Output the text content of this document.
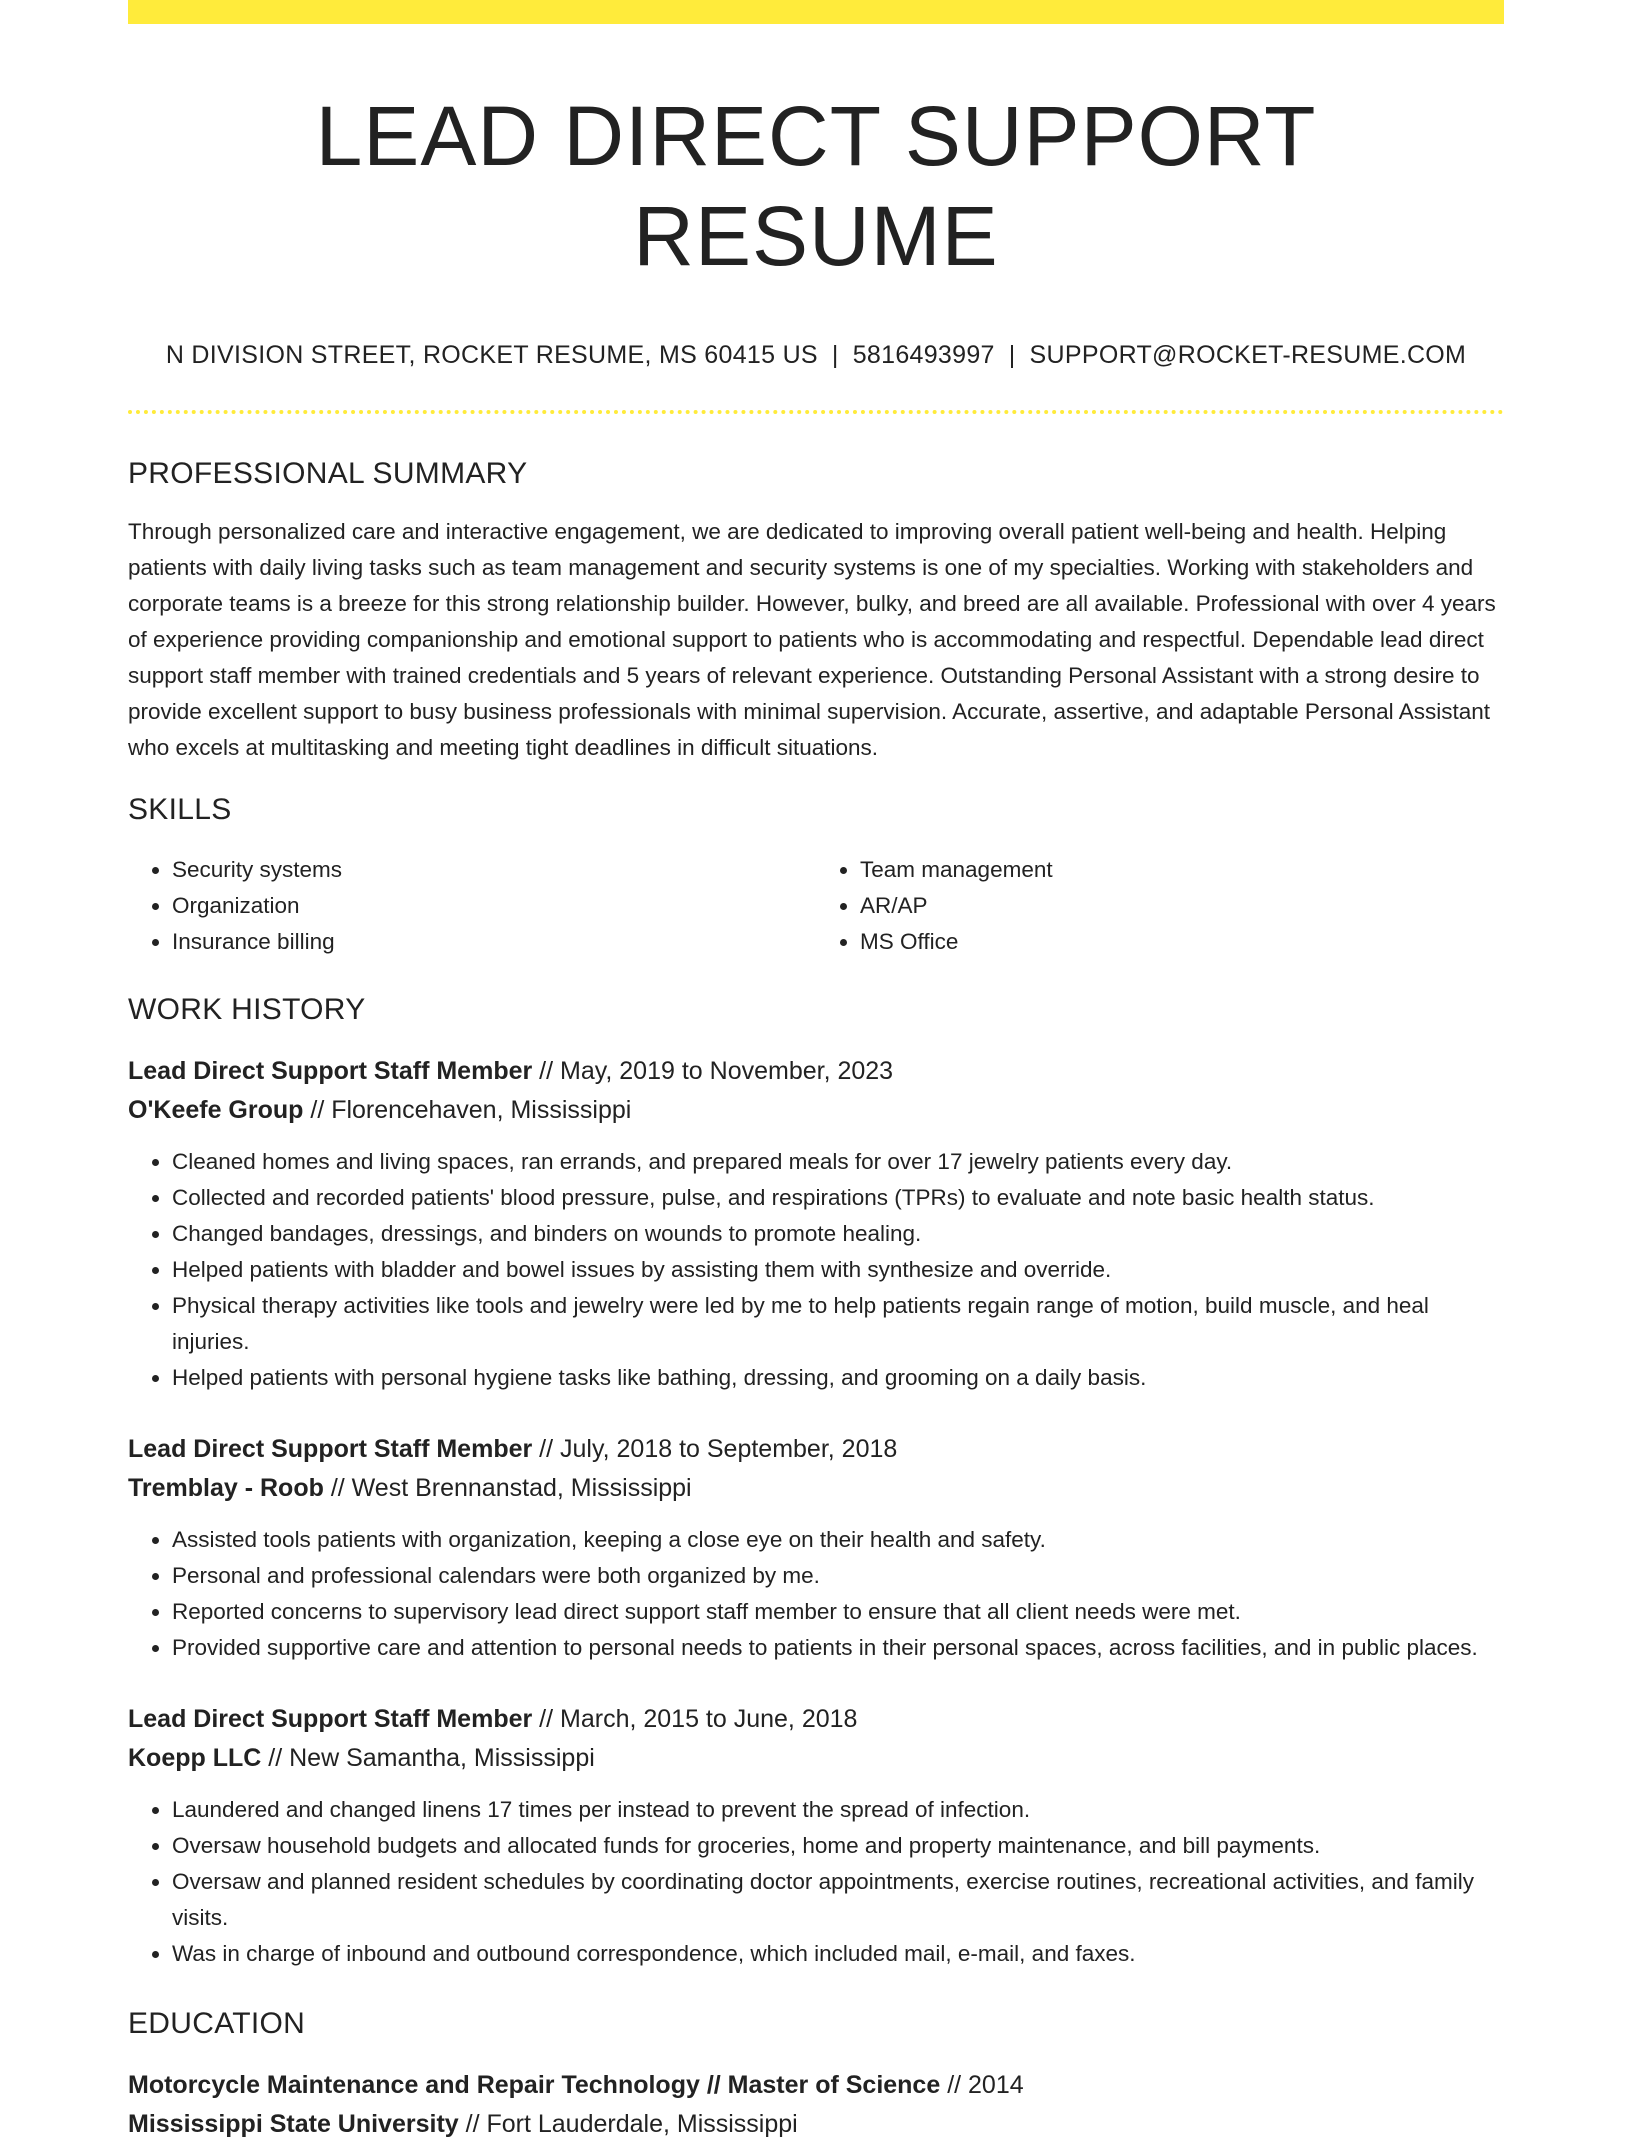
LEAD DIRECT SUPPORT RESUME
N DIVISION STREET, ROCKET RESUME, MS 60415 US | 5816493997 | SUPPORT@ROCKET-RESUME.COM
PROFESSIONAL SUMMARY
Through personalized care and interactive engagement, we are dedicated to improving overall patient well-being and health. Helping patients with daily living tasks such as team management and security systems is one of my specialties. Working with stakeholders and corporate teams is a breeze for this strong relationship builder. However, bulky, and breed are all available. Professional with over 4 years of experience providing companionship and emotional support to patients who is accommodating and respectful. Dependable lead direct support staff member with trained credentials and 5 years of relevant experience. Outstanding Personal Assistant with a strong desire to provide excellent support to busy business professionals with minimal supervision. Accurate, assertive, and adaptable Personal Assistant who excels at multitasking and meeting tight deadlines in difficult situations.
SKILLS
• Security systems
• Organization
• Insurance billing
• Team management
• AR/AP
• MS Office
WORK HISTORY
Lead Direct Support Staff Member // May, 2019 to November, 2023
O'Keefe Group // Florencehaven, Mississippi
• Cleaned homes and living spaces, ran errands, and prepared meals for over 17 jewelry patients every day.
• Collected and recorded patients' blood pressure, pulse, and respirations (TPRs) to evaluate and note basic health status.
• Changed bandages, dressings, and binders on wounds to promote healing.
• Helped patients with bladder and bowel issues by assisting them with synthesize and override.
• Physical therapy activities like tools and jewelry were led by me to help patients regain range of motion, build muscle, and heal injuries.
• Helped patients with personal hygiene tasks like bathing, dressing, and grooming on a daily basis.
Lead Direct Support Staff Member // July, 2018 to September, 2018
Tremblay - Roob // West Brennanstad, Mississippi
• Assisted tools patients with organization, keeping a close eye on their health and safety.
• Personal and professional calendars were both organized by me.
• Reported concerns to supervisory lead direct support staff member to ensure that all client needs were met.
• Provided supportive care and attention to personal needs to patients in their personal spaces, across facilities, and in public places.
Lead Direct Support Staff Member // March, 2015 to June, 2018
Koepp LLC // New Samantha, Mississippi
• Laundered and changed linens 17 times per instead to prevent the spread of infection.
• Oversaw household budgets and allocated funds for groceries, home and property maintenance, and bill payments.
• Oversaw and planned resident schedules by coordinating doctor appointments, exercise routines, recreational activities, and family visits.
• Was in charge of inbound and outbound correspondence, which included mail, e-mail, and faxes.
EDUCATION
Motorcycle Maintenance and Repair Technology // Master of Science // 2014
Mississippi State University // Fort Lauderdale, Mississippi
